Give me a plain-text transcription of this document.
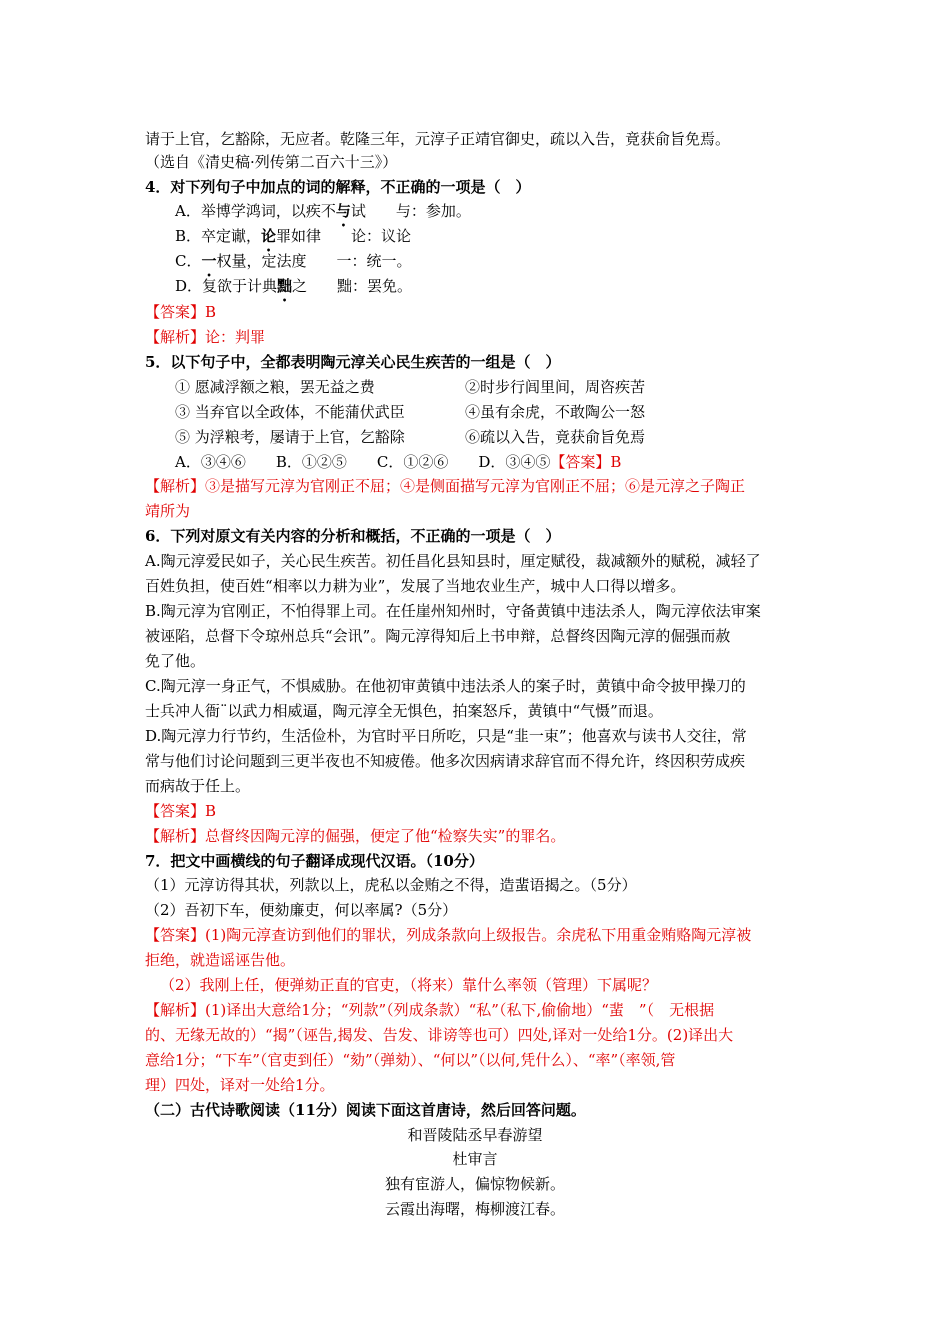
请于上官，乞豁除，无应者。乾隆三年，元淳子正靖官御史，疏以入告，竟获俞旨免焉。
（选自《清史稿·列传第二百六十三》）
4．对下列句子中加点的词的解释，不正确的一项是（　）
A．举博学鸿词，以疾不与试　　与：参加。
B．卒定谳，论罪如律　　论：议论
C．一权量，定法度　　一：统一。
D．复欲于计典黜之　　黜：罢免。
【答案】B
【解析】论：判罪
5．以下句子中，全都表明陶元淳关心民生疾苦的一组是（　）
① 愿减浮额之粮，罢无益之费	②时步行闾里间，周咨疾苦
③ 当弃官以全政体，不能蒲伏武臣	④虽有余虎，不敢陶公一怒
⑤ 为浮粮考，屡请于上官，乞豁除	⑥疏以入告，竟获俞旨免焉
A．③④⑥　　B．①②⑤　　C．①②⑥　　D．③④⑤【答案】B
【解析】③是描写元淳为官刚正不屈；④是侧面描写元淳为官刚正不屈；⑥是元淳之子陶正
靖所为
6．下列对原文有关内容的分析和概括，不正确的一项是（　）
A.陶元淳爱民如子，关心民生疾苦。初任昌化县知县时，厘定赋役，裁减额外的赋税，减轻了
百姓负担，使百姓“相率以力耕为业”，发展了当地农业生产，城中人口得以增多。
B.陶元淳为官刚正，不怕得罪上司。在任崖州知州时，守备黄镇中违法杀人，陶元淳依法审案
被诬陷，总督下令琼州总兵“会讯”。陶元淳得知后上书申辩，总督终因陶元淳的倔强而赦
免了他。
C.陶元淳一身正气，不惧威胁。在他初审黄镇中违法杀人的案子时，黄镇中命令披甲操刀的
士兵冲人衙¨以武力相威逼，陶元淳全无惧色，拍案怒斥，黄镇中“气慑”而退。
D.陶元淳力行节约，生活俭朴，为官时平日所吃，只是“韭一束”；他喜欢与读书人交往，常
常与他们讨论问题到三更半夜也不知疲倦。他多次因病请求辞官而不得允许，终因积劳成疾
而病故于任上。
【答案】B
【解析】总督终因陶元淳的倔强，便定了他“检察失实”的罪名。
7．把文中画横线的句子翻译成现代汉语。（10分）
（1）元淳访得其状，列款以上，虎私以金贿之不得，造蜚语揭之。（5分）
（2）吾初下车，便劾廉吏，何以率属?（5分）
【答案】(1)陶元淳查访到他们的罪状，列成条款向上级报告。余虎私下用重金贿赂陶元淳被
拒绝，就造谣诬告他。
（2）我刚上任，便弹劾正直的官吏，（将来）靠什么率领（管理）下属呢？
【解析】(1)译出大意给1分；“列款”（列成条款）“私”（私下,偷偷地）“蜚　”（　无根据
的、无缘无故的）“揭”（诬告,揭发、告发、诽谤等也可）四处,译对一处给1分。(2)译出大
意给1分；“下车”（官吏到任）“劾”（弹劾）、“何以”（以何,凭什么）、“率”（率领,管
理）四处，译对一处给1分。
（二）古代诗歌阅读（11分）阅读下面这首唐诗，然后回答问题。
和晋陵陆丞早春游望
杜审言
独有宦游人，偏惊物候新。
云霞出海曙，梅柳渡江春。
